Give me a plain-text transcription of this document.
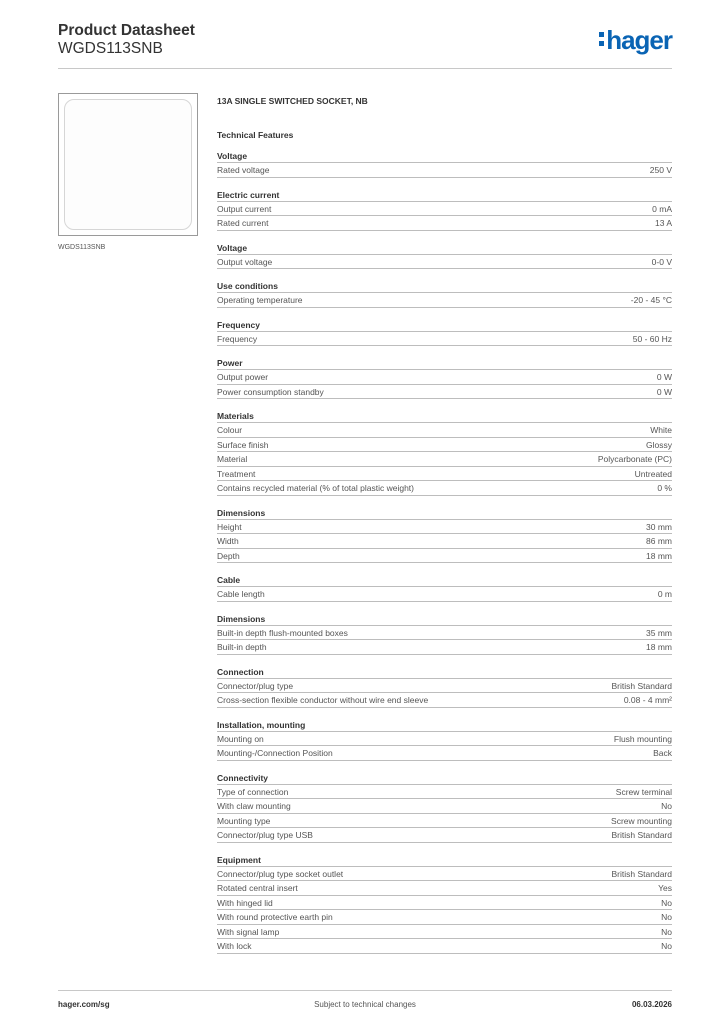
Product Datasheet
WGDS113SNB	hager
WGDS113SNB
13A SINGLE SWITCHED SOCKET, NB
Technical Features
Voltage
Rated voltage	250 V
Electric current
Output current	0 mA
Rated current	13 A
Voltage
Output voltage	0-0 V
Use conditions
Operating temperature	-20 - 45 °C
Frequency
Frequency	50 - 60 Hz
Power
Output power	0 W
Power consumption standby	0 W
Materials
Colour	White
Surface finish	Glossy
Material	Polycarbonate (PC)
Treatment	Untreated
Contains recycled material (% of total plastic weight)	0 %
Dimensions
Height	30 mm
Width	86 mm
Depth	18 mm
Cable
Cable length	0 m
Dimensions
Built-in depth flush-mounted boxes	35 mm
Built-in depth	18 mm
Connection
Connector/plug type	British Standard
Cross-section flexible conductor without wire end sleeve	0.08 - 4 mm²
Installation, mounting
Mounting on	Flush mounting
Mounting-/Connection Position	Back
Connectivity
Type of connection	Screw terminal
With claw mounting	No
Mounting type	Screw mounting
Connector/plug type USB	British Standard
Equipment
Connector/plug type socket outlet	British Standard
Rotated central insert	Yes
With hinged lid	No
With round protective earth pin	No
With signal lamp	No
With lock	No
hager.com/sg	Subject to technical changes	06.03.2026
